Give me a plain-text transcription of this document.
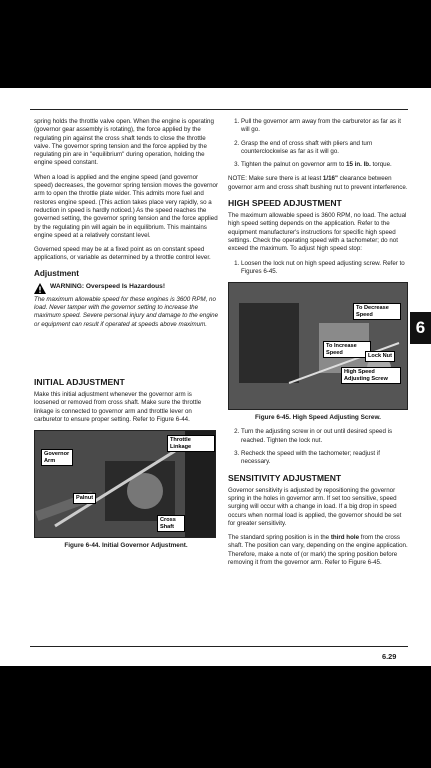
spring holds the throttle valve open. When the engine is operating (governor gear assembly is rotating), the force applied by the regulating pin against the cross shaft tends to close the throttle valve. The governor spring tension and the force applied by the regulating pin are in "equilibrium" during operation, holding the engine speed constant.

When a load is applied and the engine speed (and governor speed) decreases, the governor spring tension moves the governor arm to open the throttle plate wider. This admits more fuel and restores engine speed. (This action takes place very rapidly, so a reduction in speed is hardly noticed.) As the speed reaches the governed setting, the governor spring tension and the force applied by the regulating pin will again be in equilibrium. This maintains engine speed at a relatively constant level.

Governed speed may be at a fixed point as on constant speed applications, or variable as determined by a throttle control lever.

Adjustment
WARNING: Overspeed Is Hazardous!

The maximum allowable speed for these engines is 3600 RPM, no load. Never tamper with the governor setting to increase the maximum speed. Severe personal injury and damage to the engine or equipment can result if operated at speeds above maximum.

INITIAL ADJUSTMENT

Make this initial adjustment whenever the governor arm is loosened or removed from cross shaft. Make sure the throttle linkage is connected to governor arm and throttle lever on carburetor to ensure proper setting. Refer to Figure 6-44.

Throttle Linkage
Governor Arm
Palnut
Cross Shaft
Figure 6-44. Initial Governor Adjustment.
1. Pull the governor arm away from the carburetor as far as it will go.
2. Grasp the end of cross shaft with pliers and turn counterclockwise as far as it will go.
3. Tighten the palnut on governor arm to 15 in. lb. torque.

NOTE: Make sure there is at least 1/16" clearance between governor arm and cross shaft bushing nut to prevent interference.

HIGH SPEED ADJUSTMENT

The maximum allowable speed is 3600 RPM, no load. The actual high speed setting depends on the application. Refer to the equipment manufacturer's instructions for specific high speed settings. Check the operating speed with a tachometer; do not exceed the maximum. To adjust high speed stop:

1. Loosen the lock nut on high speed adjusting screw. Refer to Figures 6-45.
To Decrease Speed
To Increase Speed
Lock Nut
High Speed Adjusting Screw
Figure 6-45. High Speed Adjusting Screw.
2. Turn the adjusting screw in or out until desired speed is reached. Tighten the lock nut.
3. Recheck the speed with the tachometer; readjust if necessary.
SENSITIVITY ADJUSTMENT

Governor sensitivity is adjusted by repositioning the governor spring in the holes in governor arm. If set too sensitive, speed surging will occur with a change in load. If a big drop in speed occurs when normal load is applied, the governor should be set for greater sensitivity.

The standard spring position is in the third hole from the cross shaft. The position can vary, depending on the engine application. Therefore, make a note of (or mark) the spring position before removing it from the governor arm. Refer to Figure 6-45.

6
6.29
